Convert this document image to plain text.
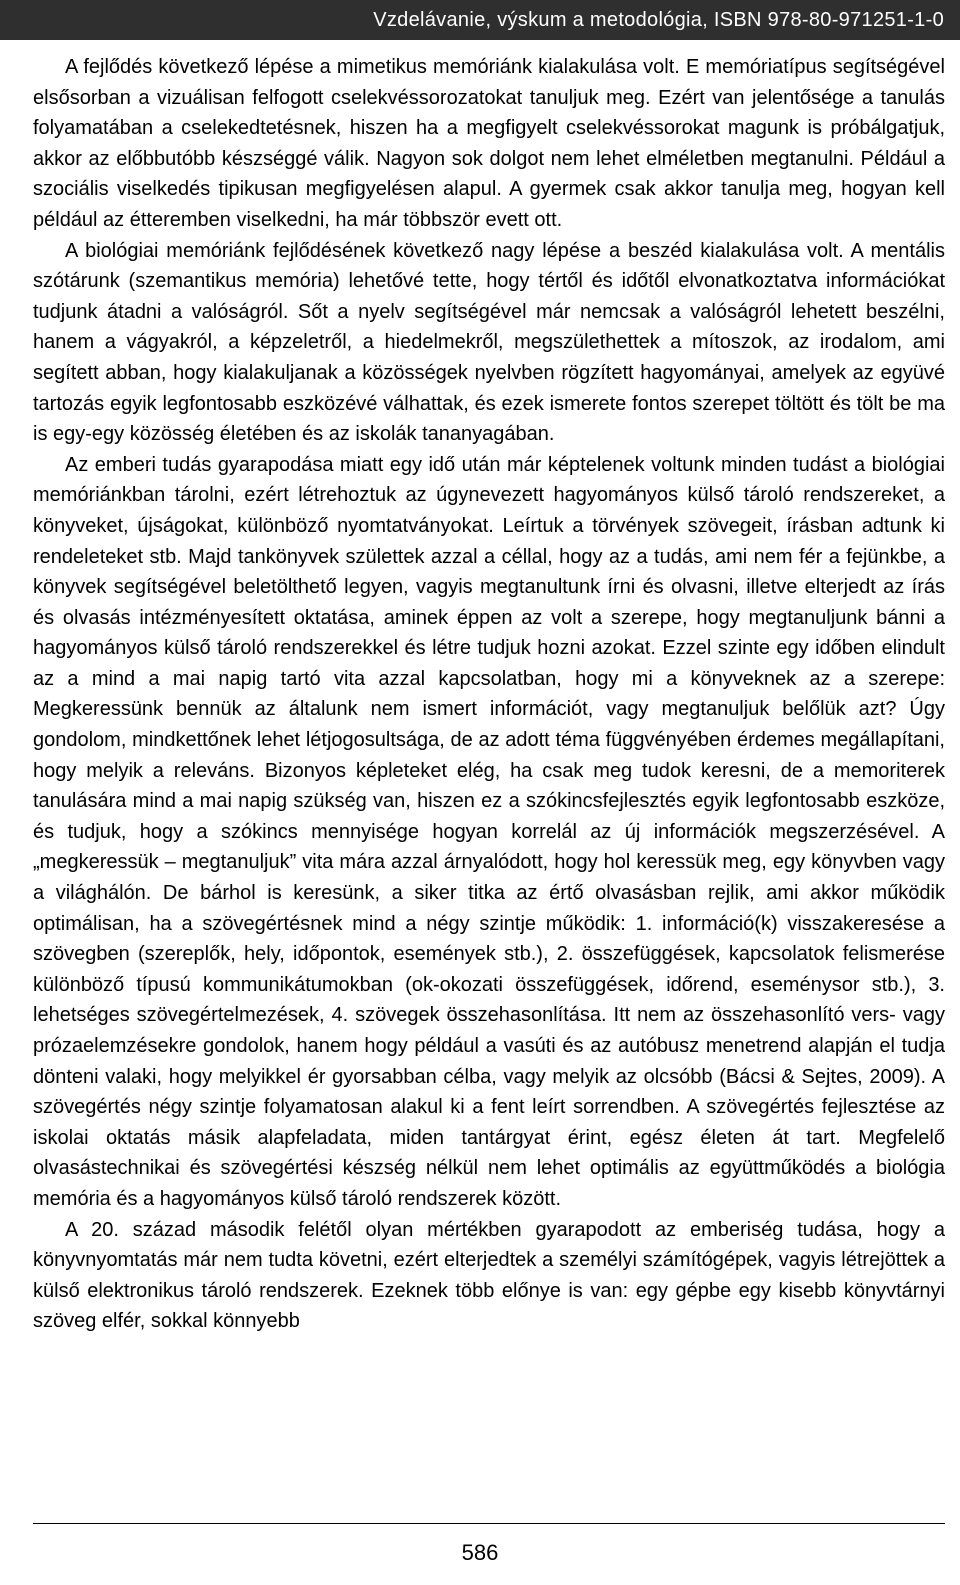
Vzdelávanie, výskum a metodológia, ISBN 978-80-971251-1-0

A fejlődés következő lépése a mimetikus memóriánk kialakulása volt. E memóriatípus segítségével elsősorban a vizuálisan felfogott cselekvéssorozatokat tanuljuk meg. Ezért van jelentősége a tanulás folyamatában a cselekedtetésnek, hiszen ha a megfigyelt cselekvéssorokat magunk is próbálgatjuk, akkor az előbbutóbb készséggé válik. Nagyon sok dolgot nem lehet elméletben megtanulni. Például a szociális viselkedés tipikusan megfigyelésen alapul. A gyermek csak akkor tanulja meg, hogyan kell például az étteremben viselkedni, ha már többször evett ott.

A biológiai memóriánk fejlődésének következő nagy lépése a beszéd kialakulása volt. A mentális szótárunk (szemantikus memória) lehetővé tette, hogy tértől és időtől elvonatkoztatva információkat tudjunk átadni a valóságról. Sőt a nyelv segítségével már nemcsak a valóságról lehetett beszélni, hanem a vágyakról, a képzeletről, a hiedelmekről, megszülethettek a mítoszok, az irodalom, ami segített abban, hogy kialakuljanak a közösségek nyelvben rögzített hagyományai, amelyek az együvé tartozás egyik legfontosabb eszközévé válhattak, és ezek ismerete fontos szerepet töltött és tölt be ma is egy-egy közösség életében és az iskolák tananyagában.

Az emberi tudás gyarapodása miatt egy idő után már képtelenek voltunk minden tudást a biológiai memóriánkban tárolni, ezért létrehoztuk az úgynevezett hagyományos külső tároló rendszereket, a könyveket, újságokat, különböző nyomtatványokat. Leírtuk a törvények szövegeit, írásban adtunk ki rendeleteket stb. Majd tankönyvek születtek azzal a céllal, hogy az a tudás, ami nem fér a fejünkbe, a könyvek segítségével beletölthető legyen, vagyis megtanultunk írni és olvasni, illetve elterjedt az írás és olvasás intézményesített oktatása, aminek éppen az volt a szerepe, hogy megtanuljunk bánni a hagyományos külső tároló rendszerekkel és létre tudjuk hozni azokat. Ezzel szinte egy időben elindult az a mind a mai napig tartó vita azzal kapcsolatban, hogy mi a könyveknek az a szerepe: Megkeressünk bennük az általunk nem ismert információt, vagy megtanuljuk belőlük azt? Úgy gondolom, mindkettőnek lehet létjogosultsága, de az adott téma függvényében érdemes megállapítani, hogy melyik a releváns. Bizonyos képleteket elég, ha csak meg tudok keresni, de a memoriterek tanulására mind a mai napig szükség van, hiszen ez a szókincsfejlesztés egyik legfontosabb eszköze, és tudjuk, hogy a szókincs mennyisége hogyan korrelál az új információk megszerzésével. A „megkeressük – megtanuljuk” vita mára azzal árnyalódott, hogy hol keressük meg, egy könyvben vagy a világhálón. De bárhol is keresünk, a siker titka az értő olvasásban rejlik, ami akkor működik optimálisan, ha a szövegértésnek mind a négy szintje működik: 1. információ(k) visszakeresése a szövegben (szereplők, hely, időpontok, események stb.), 2. összefüggések, kapcsolatok felismerése különböző típusú kommunikátumokban (ok-okozati összefüggések, időrend, eseménysor stb.), 3. lehetséges szövegértelmezések, 4. szövegek összehasonlítása. Itt nem az összehasonlító vers- vagy prózaelemzésekre gondolok, hanem hogy például a vasúti és az autóbusz menetrend alapján el tudja dönteni valaki, hogy melyikkel ér gyorsabban célba, vagy melyik az olcsóbb (Bácsi & Sejtes, 2009). A szövegértés négy szintje folyamatosan alakul ki a fent leírt sorrendben. A szövegértés fejlesztése az iskolai oktatás másik alapfeladata, miden tantárgyat érint, egész életen át tart. Megfelelő olvasástechnikai és szövegértési készség nélkül nem lehet optimális az együttműködés a biológia memória és a hagyományos külső tároló rendszerek között.

A 20. század második felétől olyan mértékben gyarapodott az emberiség tudása, hogy a könyvnyomtatás már nem tudta követni, ezért elterjedtek a személyi számítógépek, vagyis létrejöttek a külső elektronikus tároló rendszerek. Ezeknek több előnye is van: egy gépbe egy kisebb könyvtárnyi szöveg elfér, sokkal könnyebb

586
